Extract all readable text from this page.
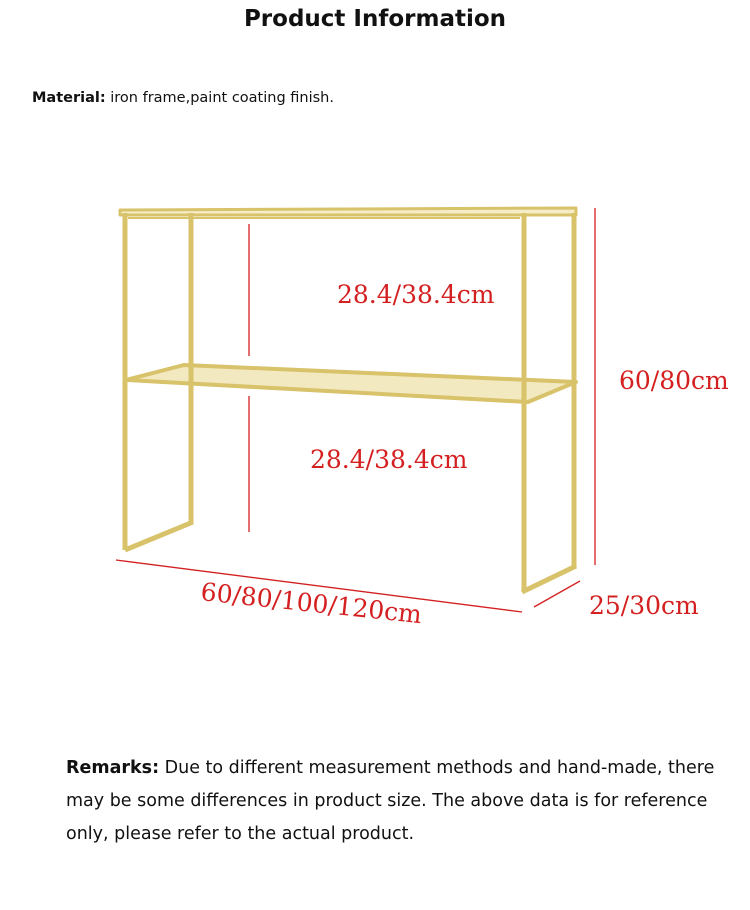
Product Information
Material: iron frame,paint coating finish.
28.4/38.4cm
28.4/38.4cm
60/80cm
60/80/100/120cm	25/30cm
Remarks: Due to different measurement methods and hand-made, there may be some differences in product size. The above data is for reference only, please refer to the actual product.
